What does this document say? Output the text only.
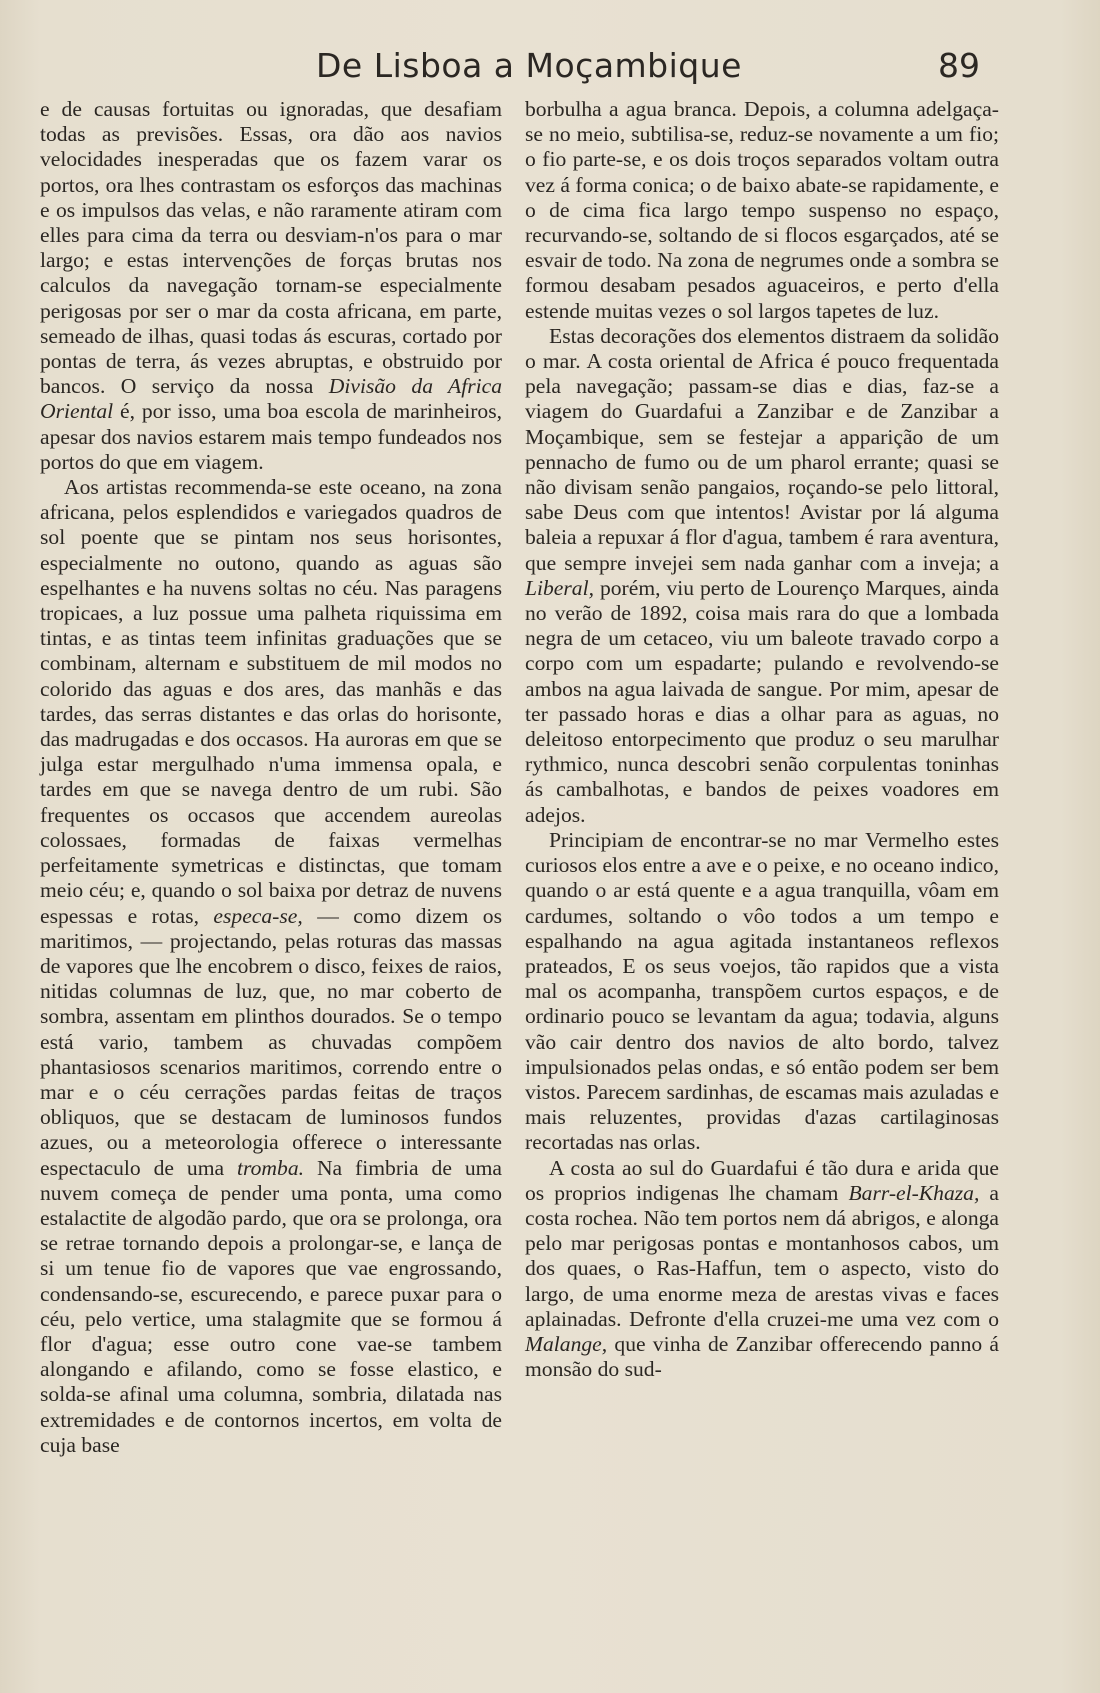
De Lisboa a Moçambique	89

e de causas fortuitas ou ignoradas, que desafiam todas as previsões. Essas, ora dão aos navios velocidades inesperadas que os fazem varar os portos, ora lhes contrastam os esforços das machinas e os impulsos das velas, e não raramente atiram com elles para cima da terra ou desviam-n'os para o mar largo; e estas intervenções de forças brutas nos calculos da navegação tornam-se especialmente perigosas por ser o mar da costa africana, em parte, semeado de ilhas, quasi todas ás escuras, cortado por pontas de terra, ás vezes abruptas, e obstruido por bancos. O serviço da nossa Divisão da Africa Oriental é, por isso, uma boa escola de marinheiros, apesar dos navios estarem mais tempo fundeados nos portos do que em viagem.

Aos artistas recommenda-se este oceano, na zona africana, pelos esplendidos e variegados quadros de sol poente que se pintam nos seus horisontes, especialmente no outono, quando as aguas são espelhantes e ha nuvens soltas no céu. Nas paragens tropicaes, a luz possue uma palheta riquissima em tintas, e as tintas teem infinitas graduações que se combinam, alternam e substituem de mil modos no colorido das aguas e dos ares, das manhãs e das tardes, das serras distantes e das orlas do horisonte, das madrugadas e dos occasos. Ha auroras em que se julga estar mergulhado n'uma immensa opala, e tardes em que se navega dentro de um rubi. São frequentes os occasos que accendem aureolas colossaes, formadas de faixas vermelhas perfeitamente symetricas e distinctas, que tomam meio céu; e, quando o sol baixa por detraz de nuvens espessas e rotas, especa-se, — como dizem os maritimos, — projectando, pelas roturas das massas de vapores que lhe encobrem o disco, feixes de raios, nitidas columnas de luz, que, no mar coberto de sombra, assentam em plinthos dourados. Se o tempo está vario, tambem as chuvadas compõem phantasiosos scenarios maritimos, correndo entre o mar e o céu cerrações pardas feitas de traços obliquos, que se destacam de luminosos fundos azues, ou a meteorologia offerece o interessante espectaculo de uma tromba. Na fimbria de uma nuvem começa de pender uma ponta, uma como estalactite de algodão pardo, que ora se prolonga, ora se retrae tornando depois a prolongar-se, e lança de si um tenue fio de vapores que vae engrossando, condensando-se, escurecendo, e parece puxar para o céu, pelo vertice, uma stalagmite que se formou á flor d'agua; esse outro cone vae-se tambem alongando e afilando, como se fosse elastico, e solda-se afinal uma columna, sombria, dilatada nas extremidades e de contornos incertos, em volta de cuja base

borbulha a agua branca. Depois, a columna adelgaça-se no meio, subtilisa-se, reduz-se novamente a um fio; o fio parte-se, e os dois troços separados voltam outra vez á forma conica; o de baixo abate-se rapidamente, e o de cima fica largo tempo suspenso no espaço, recurvando-se, soltando de si flocos esgarçados, até se esvair de todo. Na zona de negrumes onde a sombra se formou desabam pesados aguaceiros, e perto d'ella estende muitas vezes o sol largos tapetes de luz.

Estas decorações dos elementos distraem da solidão o mar. A costa oriental de Africa é pouco frequentada pela navegação; passam-se dias e dias, faz-se a viagem do Guardafui a Zanzibar e de Zanzibar a Moçambique, sem se festejar a apparição de um pennacho de fumo ou de um pharol errante; quasi se não divisam senão pangaios, roçando-se pelo littoral, sabe Deus com que intentos! Avistar por lá alguma baleia a repuxar á flor d'agua, tambem é rara aventura, que sempre invejei sem nada ganhar com a inveja; a Liberal, porém, viu perto de Lourenço Marques, ainda no verão de 1892, coisa mais rara do que a lombada negra de um cetaceo, viu um baleote travado corpo a corpo com um espadarte; pulando e revolvendo-se ambos na agua laivada de sangue. Por mim, apesar de ter passado horas e dias a olhar para as aguas, no deleitoso entorpecimento que produz o seu marulhar rythmico, nunca descobri senão corpulentas toninhas ás cambalhotas, e bandos de peixes voadores em adejos.

Principiam de encontrar-se no mar Vermelho estes curiosos elos entre a ave e o peixe, e no oceano indico, quando o ar está quente e a agua tranquilla, vôam em cardumes, soltando o vôo todos a um tempo e espalhando na agua agitada instantaneos reflexos prateados, E os seus voejos, tão rapidos que a vista mal os acompanha, transpõem curtos espaços, e de ordinario pouco se levantam da agua; todavia, alguns vão cair dentro dos navios de alto bordo, talvez impulsionados pelas ondas, e só então podem ser bem vistos. Parecem sardinhas, de escamas mais azuladas e mais reluzentes, providas d'azas cartilaginosas recortadas nas orlas.

A costa ao sul do Guardafui é tão dura e arida que os proprios indigenas lhe chamam Barr-el-Khaza, a costa rochea. Não tem portos nem dá abrigos, e alonga pelo mar perigosas pontas e montanhosos cabos, um dos quaes, o Ras-Haffun, tem o aspecto, visto do largo, de uma enorme meza de arestas vivas e faces aplainadas. Defronte d'ella cruzei-me uma vez com o Malange, que vinha de Zanzibar offerecendo panno á monsão do sud-
